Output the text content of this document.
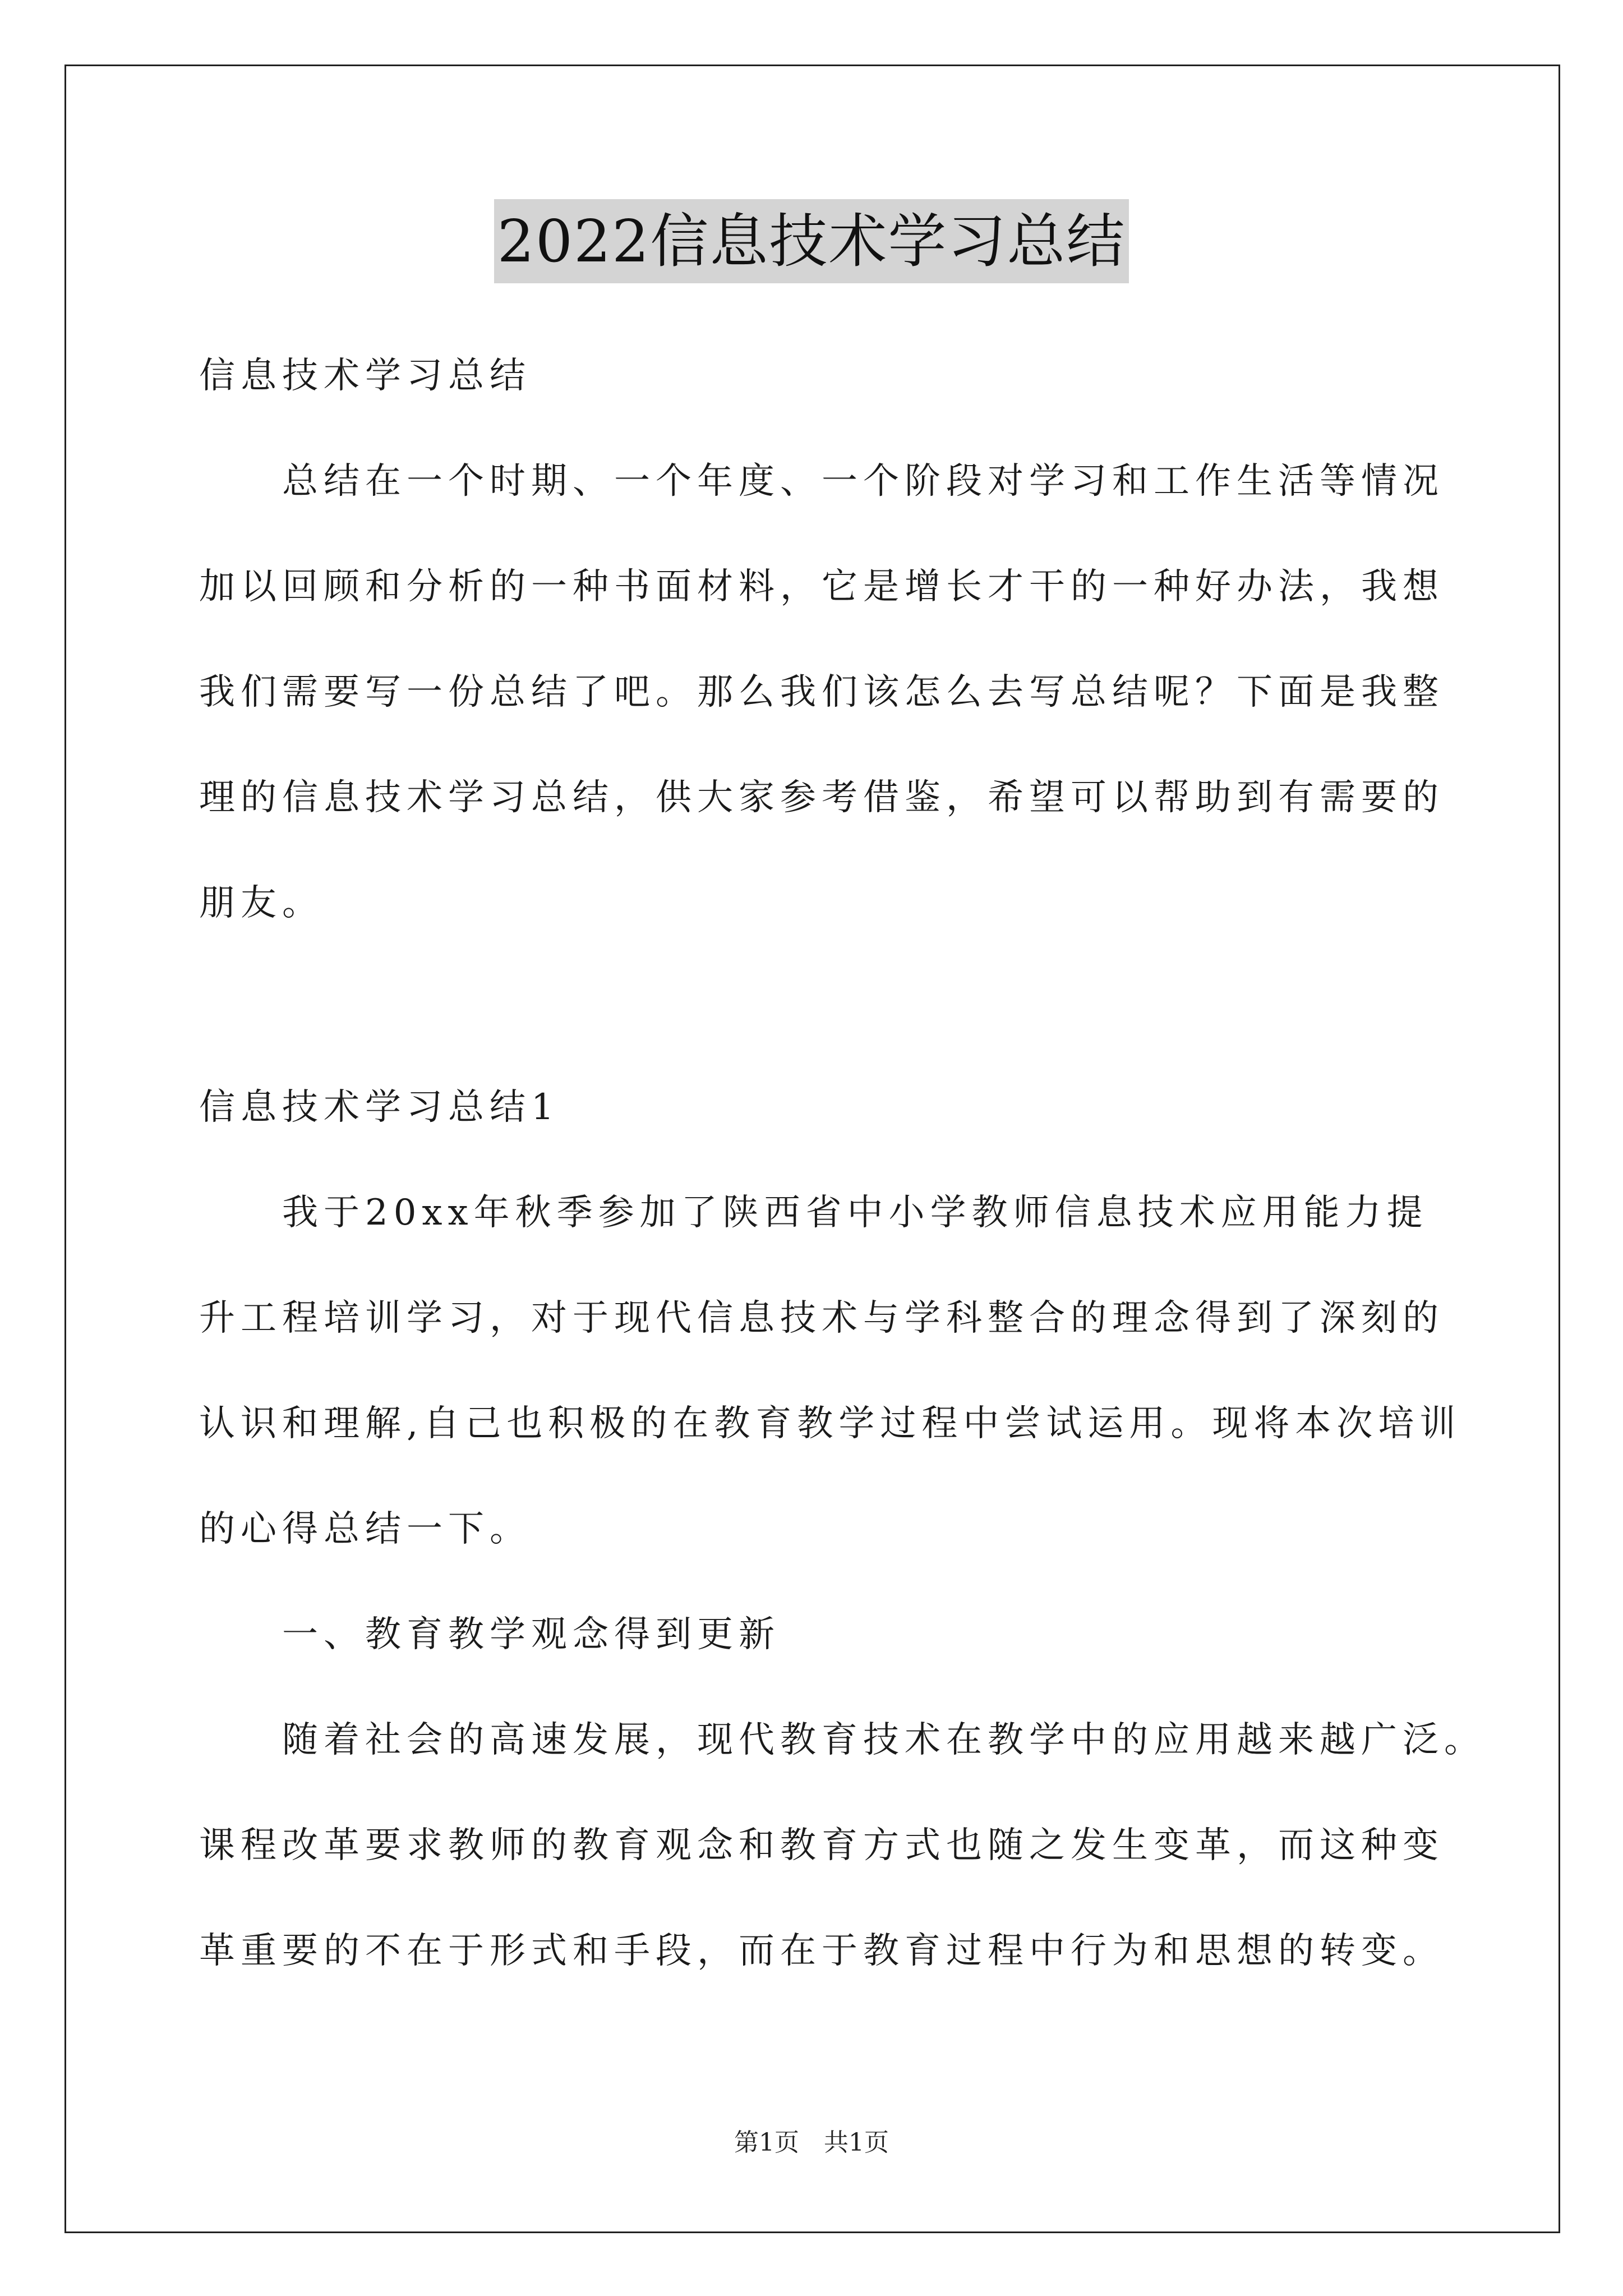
2022信息技术学习总结
信息技术学习总结
总结在一个时期、一个年度、一个阶段对学习和工作生活等情况
加以回顾和分析的一种书面材料，它是增长才干的一种好办法，我想
我们需要写一份总结了吧。那么我们该怎么去写总结呢？下面是我整
理的信息技术学习总结，供大家参考借鉴，希望可以帮助到有需要的
朋友。
信息技术学习总结1
我于20xx年秋季参加了陕西省中小学教师信息技术应用能力提
升工程培训学习，对于现代信息技术与学科整合的理念得到了深刻的
认识和理解,自己也积极的在教育教学过程中尝试运用。现将本次培训
的心得总结一下。
一、教育教学观念得到更新
随着社会的高速发展，现代教育技术在教学中的应用越来越广泛。
课程改革要求教师的教育观念和教育方式也随之发生变革，而这种变
革重要的不在于形式和手段，而在于教育过程中行为和思想的转变。
第1页 共1页
